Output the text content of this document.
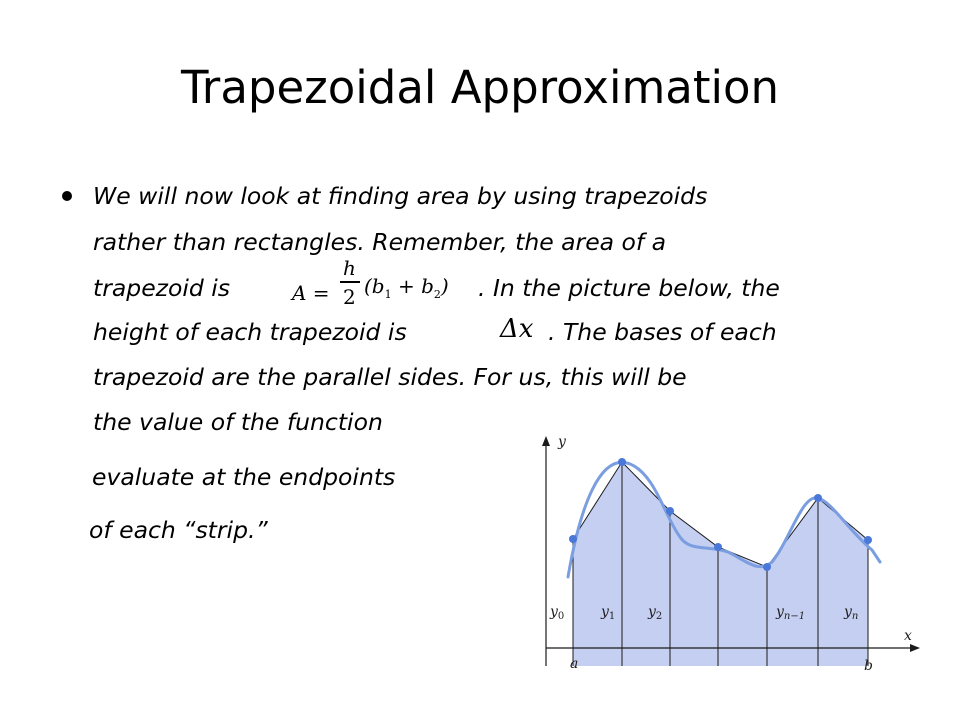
Trapezoidal Approximation
We will now look at finding area by using trapezoids
rather than rectangles. Remember, the area of a
trapezoid is	. In the picture below, the
height of each trapezoid is	. The bases of each
trapezoid are the parallel sides. For us, this will be
the value of the function
evaluate at the endpoints
of each “strip.”
A =
h
2 $(b_1 + b_2)$
Δx
y
x
a	b
$y_0$	$y_1$ $y_2$	$y_{n-1}$	$y_n$
